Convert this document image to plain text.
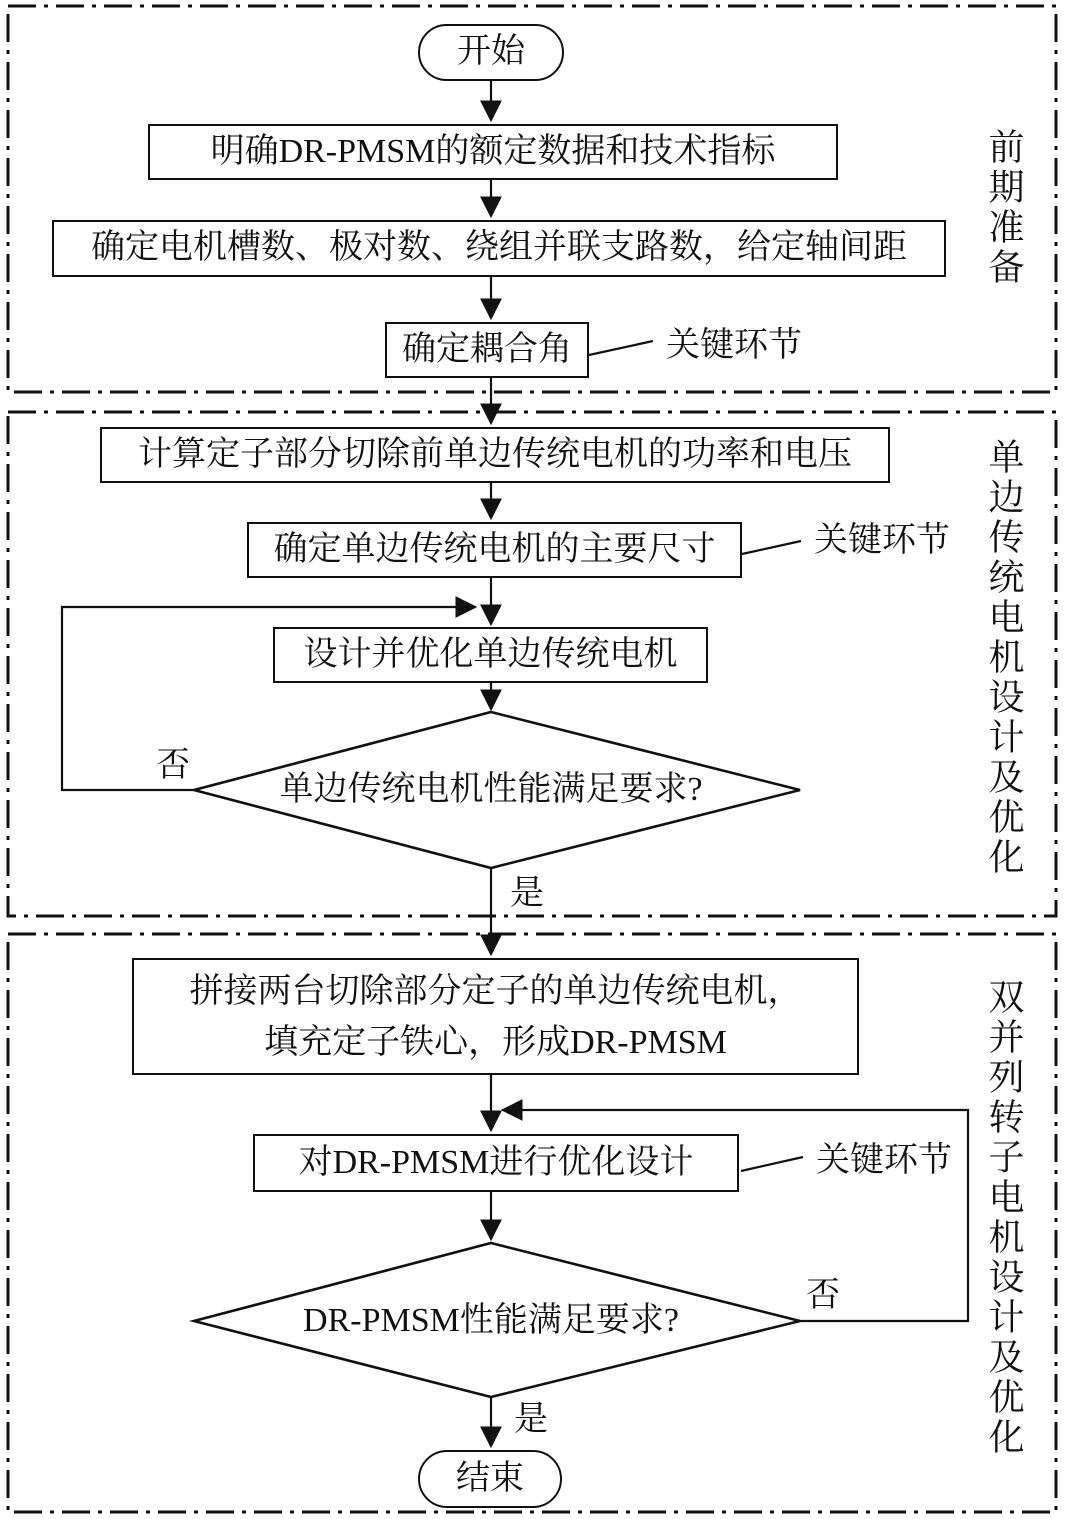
开始
明确DR-PMSM的额定数据和技术指标
确定电机槽数、极对数、绕组并联支路数，给定轴间距
确定耦合角	关键环节
前期准备
计算定子部分切除前单边传统电机的功率和电压
确定单边传统电机的主要尺寸	关键环节
设计并优化单边传统电机
单边传统电机性能满足要求?
否
是
单边传统电机设计及优化
拼接两台切除部分定子的单边传统电机，
填充定子铁心，形成DR-PMSM
对DR-PMSM进行优化设计	关键环节
否
DR-PMSM性能满足要求?
是
结束
双并列转子电机设计及优化
